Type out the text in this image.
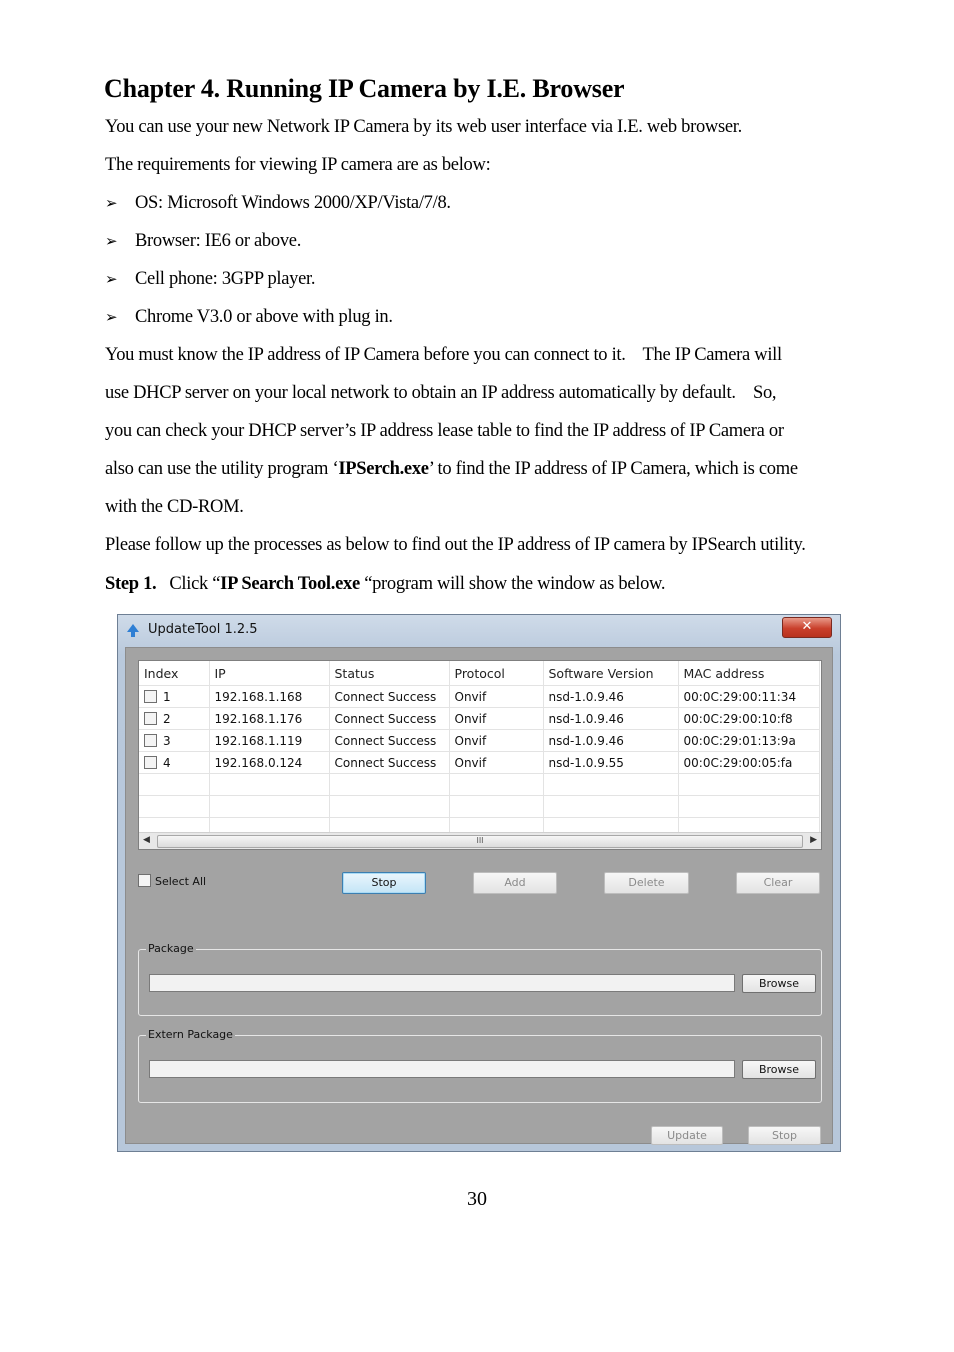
Chapter 4. Running IP Camera by I.E. Browser
You can use your new Network IP Camera by its web user interface via I.E. web browser.
The requirements for viewing IP camera are as below:
➢ OS: Microsoft Windows 2000/XP/Vista/7/8.
➢ Browser: IE6 or above.
➢ Cell phone: 3GPP player.
➢ Chrome V3.0 or above with plug in.
You must know the IP address of IP Camera before you can connect to it.    The IP Camera will
use DHCP server on your local network to obtain an IP address automatically by default.    So,
you can check your DHCP server’s IP address lease table to find the IP address of IP Camera or
also can use the utility program ‘IPSerch.exe’ to find the IP address of IP Camera, which is come
with the CD-ROM.
Please follow up the processes as below to find out the IP address of IP camera by IPSearch utility.
Step 1. Click “IP Search Tool.exe “program will show the window as below.
UpdateTool 1.2.5	✕
Index	IP	Status	Protocol	Software Version	MAC address
1	192.168.1.168	Connect Success	Onvif	nsd-1.0.9.46	00:0C:29:00:11:34
2	192.168.1.176	Connect Success	Onvif	nsd-1.0.9.46	00:0C:29:00:10:f8
3	192.168.1.119	Connect Success	Onvif	nsd-1.0.9.46	00:0C:29:01:13:9a
4	192.168.0.124	Connect Success	Onvif	nsd-1.0.9.55	00:0C:29:00:05:fa

◀	III	▶
Select All	Stop	Add	Delete	Clear
Package
Browse
Extern Package
Browse
Update	Stop
30
